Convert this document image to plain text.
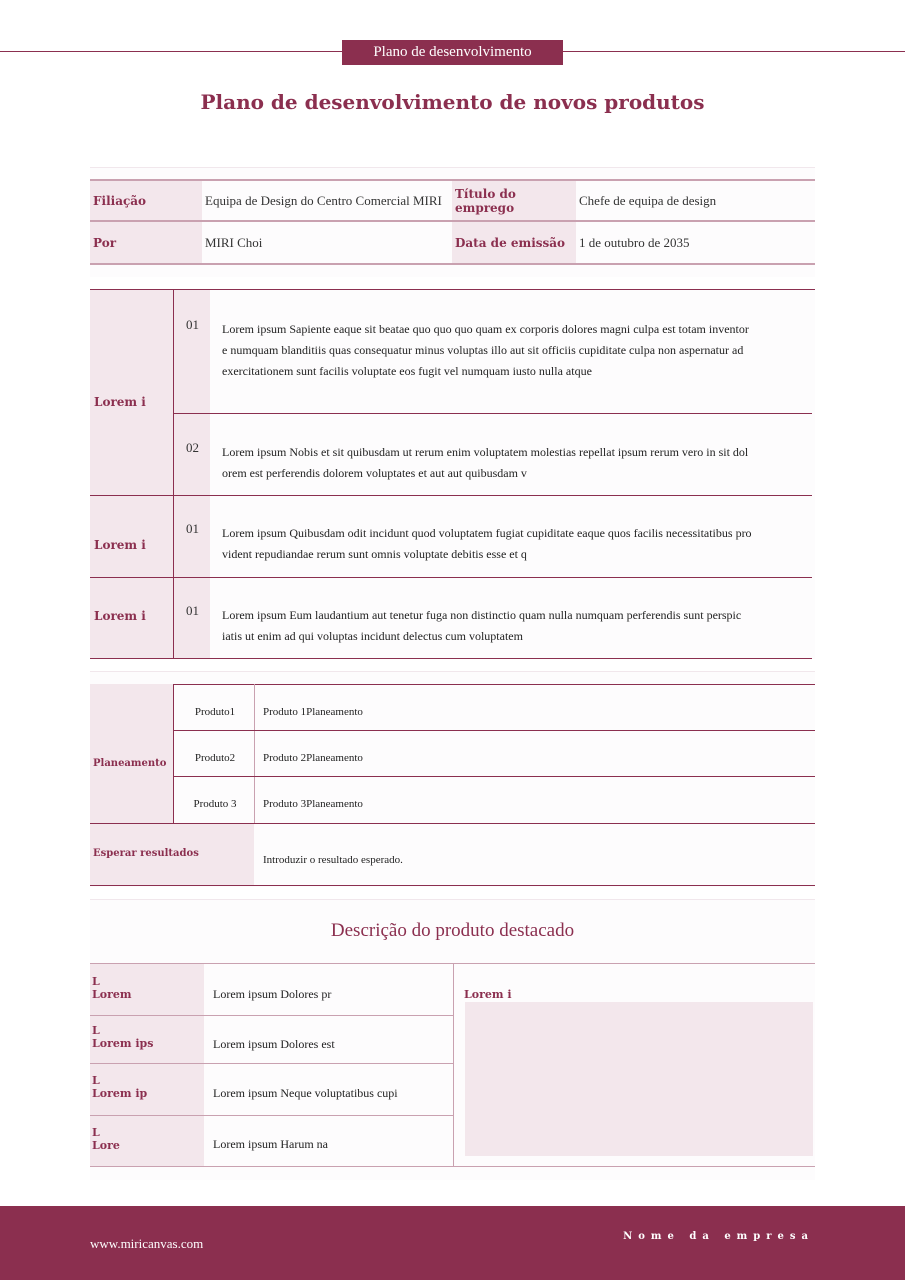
Plano de desenvolvimento
Plano de desenvolvimento de novos produtos
Filiação	Equipa de Design do Centro Comercial MIRI	Título do emprego	Chefe de equipa de design
Por	MIRI Choi	Data de emissão	1 de outubro de 2035
Lorem i
01 Lorem ipsum Sapiente eaque sit beatae quo quo quo quam ex corporis dolores magni culpa est totam inventor
e numquam blanditiis quas consequatur minus voluptas illo aut sit officiis cupiditate culpa non aspernatur ad
exercitationem sunt facilis voluptate eos fugit vel numquam iusto nulla atque
02 Lorem ipsum Nobis et sit quibusdam ut rerum enim voluptatem molestias repellat ipsum rerum vero in sit dol
orem est perferendis dolorem voluptates et aut aut quibusdam v
Lorem i
01 Lorem ipsum Quibusdam odit incidunt quod voluptatem fugiat cupiditate eaque quos facilis necessitatibus pro
vident repudiandae rerum sunt omnis voluptate debitis esse et q
Lorem i	01 Lorem ipsum Eum laudantium aut tenetur fuga non distinctio quam nulla numquam perferendis sunt perspic
iatis ut enim ad qui voluptas incidunt delectus cum voluptatem
Planeamento
Produto1	Produto 1Planeamento
Produto2	Produto 2Planeamento
Produto 3	Produto 3Planeamento
Esperar resultados
Introduzir o resultado esperado.
Descrição do produto destacado
L
Lorem	Lorem ipsum Dolores pr
L
Lorem ips	Lorem ipsum Dolores est
L
Lorem ip	Lorem ipsum Neque voluptatibus cupi
L
Lore	Lorem ipsum Harum na
Lorem i
www.miricanvas.com	Nome da empresa
